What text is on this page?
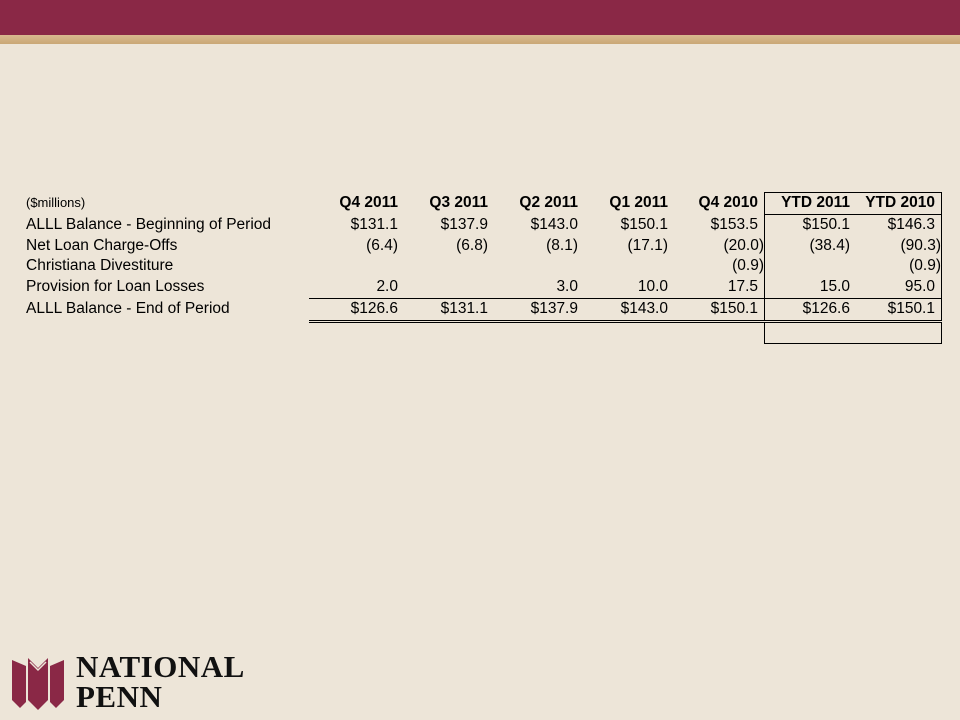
($millions)	Q4 2011	Q3 2011	Q2 2011	Q1 2011	Q4 2010	YTD 2011	YTD 2010
ALLL Balance - Beginning of Period	$131.1	$137.9	$143.0	$150.1	$153.5	$150.1	$146.3
Net Loan Charge-Offs	(6.4)	(6.8)	(8.1)	(17.1)	(20.0)	(38.4)	(90.3)
Christiana Divestiture					(0.9)		(0.9)
Provision for Loan Losses	2.0		3.0	10.0	17.5	15.0	95.0
ALLL Balance - End of Period	$126.6	$131.1	$137.9	$143.0	$150.1	$126.6	$150.1

NATIONAL
PENN
